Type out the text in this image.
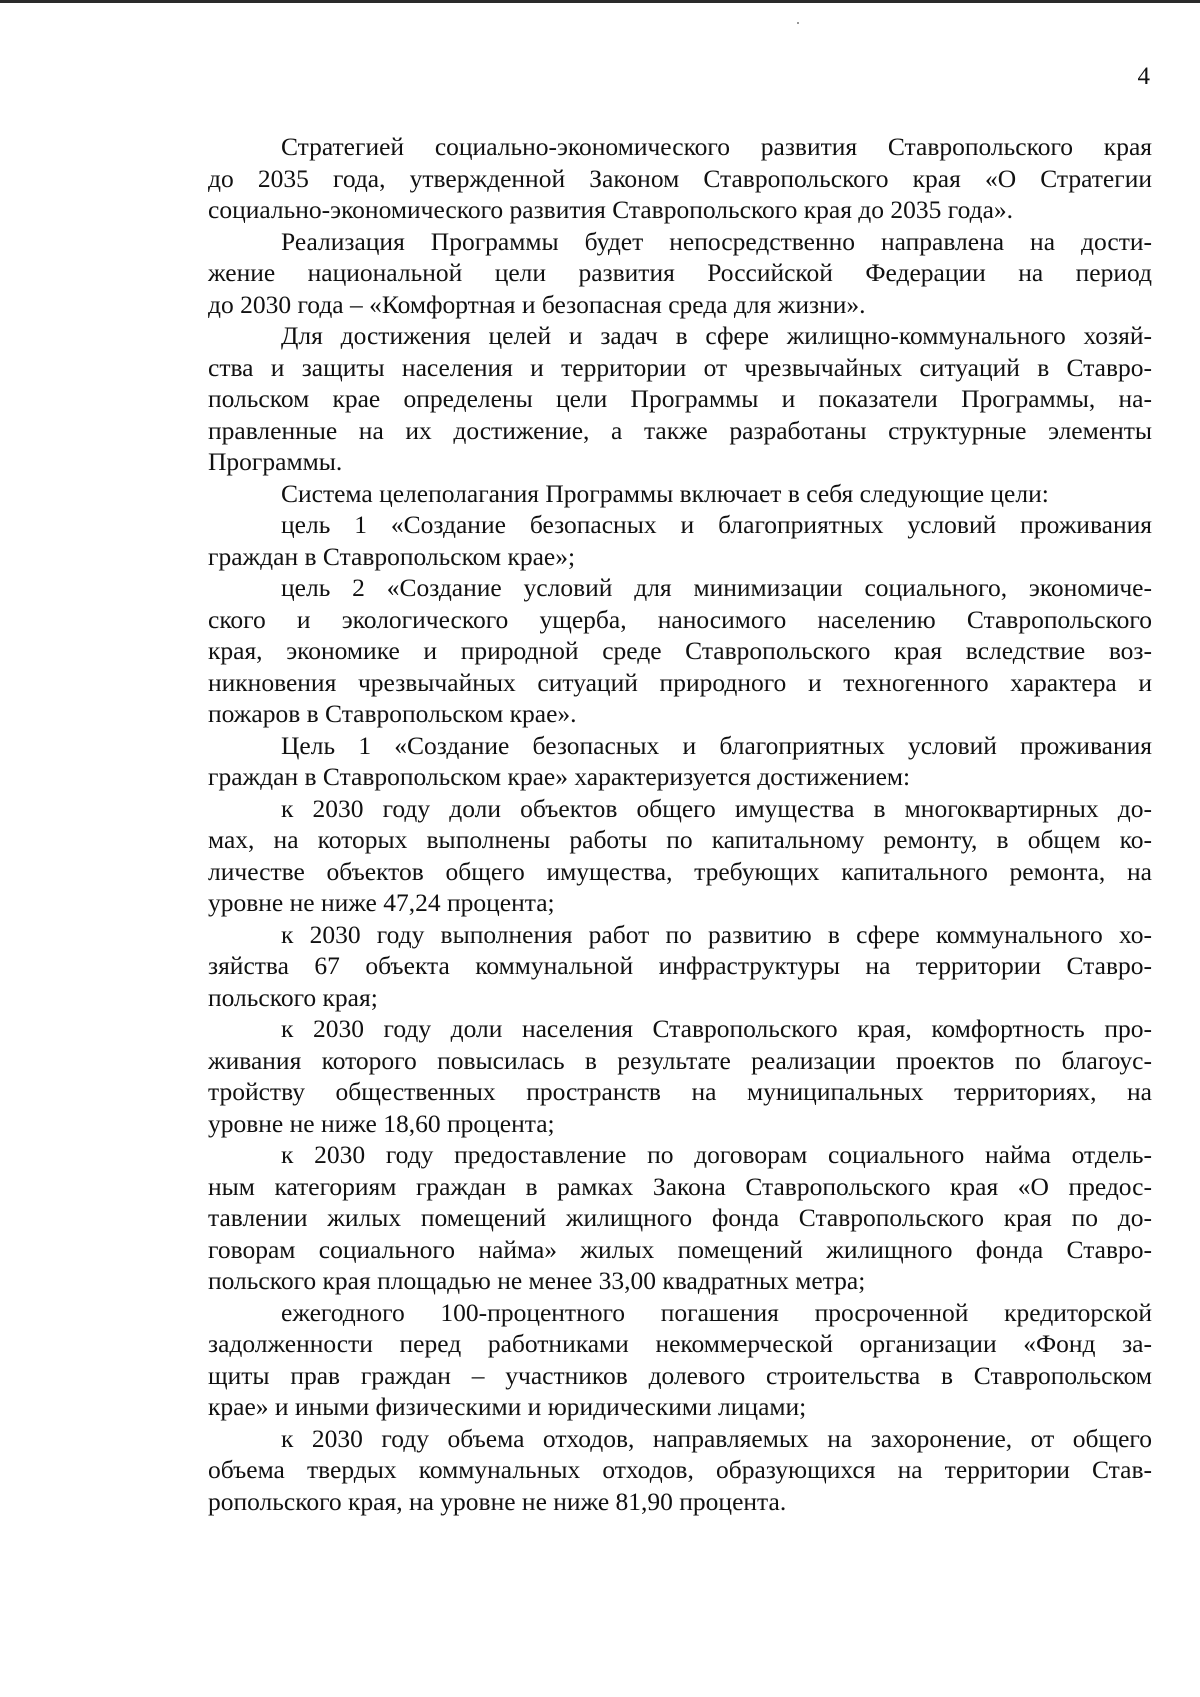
4

Стратегией социально-экономического развития Ставропольского края
до 2035 года, утвержденной Законом Ставропольского края «О Стратегии
социально-экономического развития Ставропольского края до 2035 года».

Реализация Программы будет непосредственно направлена на дости-
жение национальной цели развития Российской Федерации на период
до 2030 года – «Комфортная и безопасная среда для жизни».

Для достижения целей и задач в сфере жилищно-коммунального хозяй-
ства и защиты населения и территории от чрезвычайных ситуаций в Ставро-
польском крае определены цели Программы и показатели Программы, на-
правленные на их достижение, а также разработаны структурные элементы
Программы.

Система целеполагания Программы включает в себя следующие цели:

цель 1 «Создание безопасных и благоприятных условий проживания
граждан в Ставропольском крае»;

цель 2 «Создание условий для минимизации социального, экономиче-
ского и экологического ущерба, наносимого населению Ставропольского
края, экономике и природной среде Ставропольского края вследствие воз-
никновения чрезвычайных ситуаций природного и техногенного характера и
пожаров в Ставропольском крае».

Цель 1 «Создание безопасных и благоприятных условий проживания
граждан в Ставропольском крае» характеризуется достижением:

к 2030 году доли объектов общего имущества в многоквартирных до-
мах, на которых выполнены работы по капитальному ремонту, в общем ко-
личестве объектов общего имущества, требующих капитального ремонта, на
уровне не ниже 47,24 процента;

к 2030 году выполнения работ по развитию в сфере коммунального хо-
зяйства 67 объекта коммунальной инфраструктуры на территории Ставро-
польского края;

к 2030 году доли населения Ставропольского края, комфортность про-
живания которого повысилась в результате реализации проектов по благоус-
тройству общественных пространств на муниципальных территориях, на
уровне не ниже 18,60 процента;

к 2030 году предоставление по договорам социального найма отдель-
ным категориям граждан в рамках Закона Ставропольского края «О предос-
тавлении жилых помещений жилищного фонда Ставропольского края по до-
говорам социального найма» жилых помещений жилищного фонда Ставро-
польского края площадью не менее 33,00 квадратных метра;

ежегодного 100-процентного погашения просроченной кредиторской
задолженности перед работниками некоммерческой организации «Фонд за-
щиты прав граждан – участников долевого строительства в Ставропольском
крае» и иными физическими и юридическими лицами;

к 2030 году объема отходов, направляемых на захоронение, от общего
объема твердых коммунальных отходов, образующихся на территории Став-
ропольского края, на уровне не ниже 81,90 процента.
